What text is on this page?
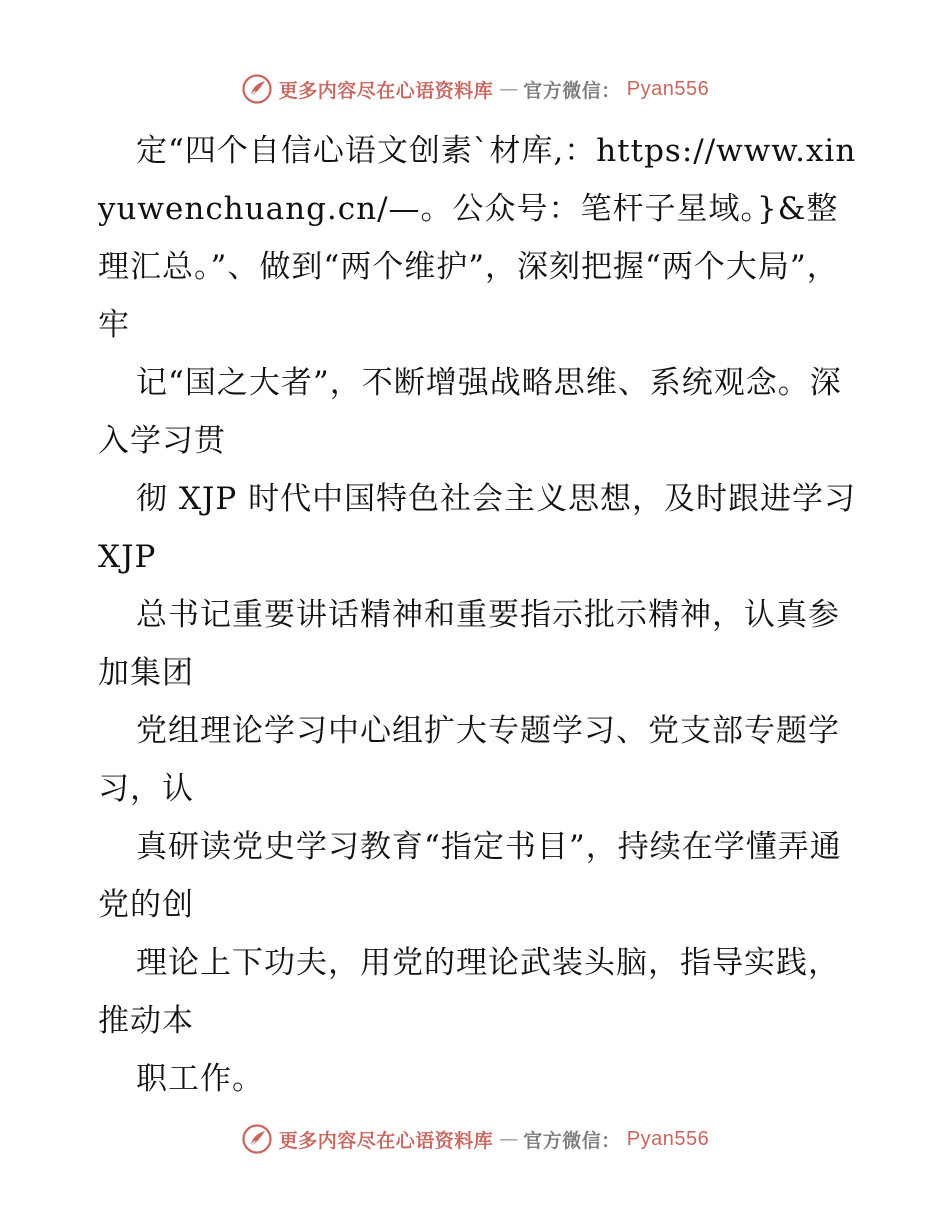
更多内容尽在心语资料库 — 官方微信： Pyan556

定“四个自信心语文创素`材库,：https://www.xinyuwenchuang.cn/—。公众号：笔杆子星域。}&整理汇总。”、做到“两个维护”，深刻把握“两个大局”，牢

记“国之大者”，不断增强战略思维、系统观念。深入学习贯

彻 XJP 时代中国特色社会主义思想，及时跟进学习 XJP

总书记重要讲话精神和重要指示批示精神，认真参加集团

党组理论学习中心组扩大专题学习、党支部专题学习，认

真研读党史学习教育“指定书目”，持续在学懂弄通党的创

理论上下功夫，用党的理论武装头脑，指导实践，推动本

职工作。

更多内容尽在心语资料库 — 官方微信： Pyan556
